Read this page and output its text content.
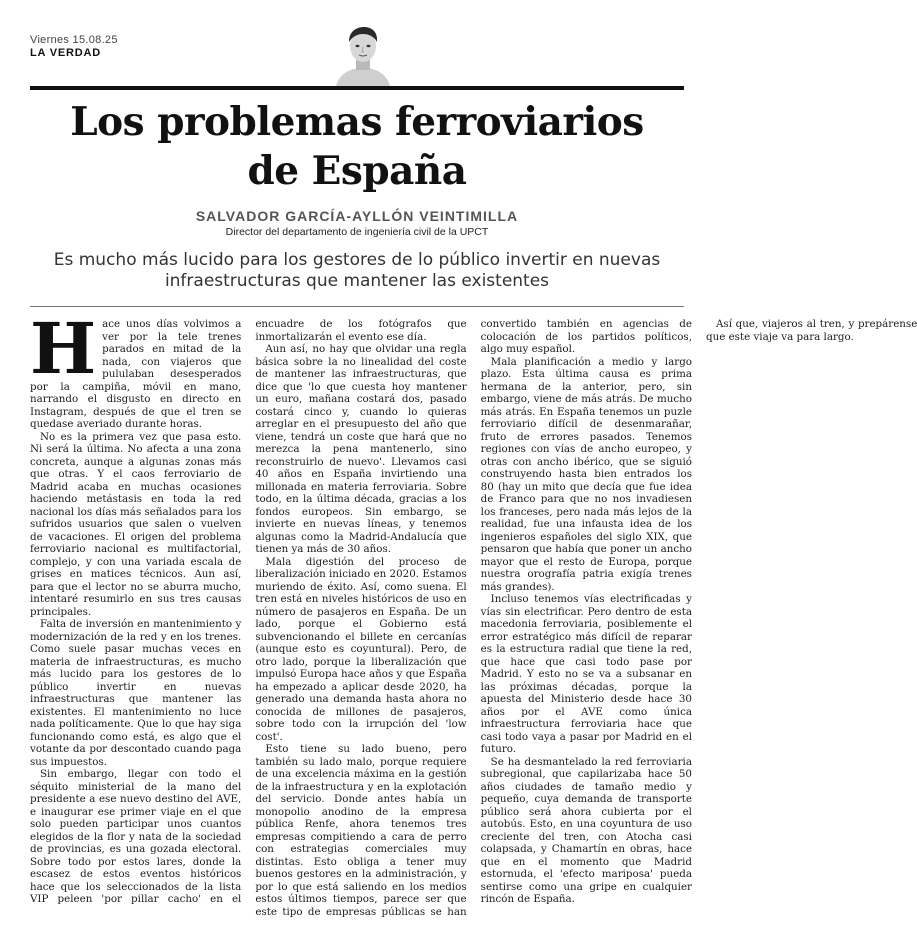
Viernes 15.08.25
LA VERDAD
Los problemas ferroviarios
de España
SALVADOR GARCÍA-AYLLÓN VEINTIMILLA
Director del departamento de ingeniería civil de la UPCT
Es mucho más lucido para los gestores de lo público invertir en nuevas infraestructuras que mantener las existentes

Hace unos días volvimos a ver por la tele trenes parados en mitad de la nada, con viajeros que pululaban desesperados por la campiña, móvil en mano, narrando el disgusto en directo en Instagram, después de que el tren se quedase averiado durante horas.

No es la primera vez que pasa esto. Ni será la última. No afecta a una zona concreta, aunque a algunas zonas más que otras. Y el caos ferroviario de Madrid acaba en muchas ocasiones haciendo metástasis en toda la red nacional los días más señalados para los sufridos usuarios que salen o vuelven de vacaciones. El origen del problema ferroviario nacional es multifactorial, complejo, y con una variada escala de grises en matices técnicos. Aun así, para que el lector no se aburra mucho, intentaré resumirlo en sus tres causas principales.

Falta de inversión en mantenimiento y modernización de la red y en los trenes. Como suele pasar muchas veces en materia de infraestructuras, es mucho más lucido para los gestores de lo público invertir en nuevas infraestructuras que mantener las existentes. El mantenimiento no luce nada políticamente. Que lo que hay siga funcionando como está, es algo que el votante da por descontado cuando paga sus impuestos.

Sin embargo, llegar con todo el séquito ministerial de la mano del presidente a ese nuevo destino del AVE, e inaugurar ese primer viaje en el que solo pueden participar unos cuantos elegidos de la flor y nata de la sociedad de provincias, es una gozada electoral. Sobre todo por estos lares, donde la escasez de estos eventos históricos hace que los seleccionados de la lista VIP peleen 'por pillar cacho' en el encuadre de los fotógrafos que inmortalizarán el evento ese día.

Aun así, no hay que olvidar una regla básica sobre la no linealidad del coste de mantener las infraestructuras, que dice que 'lo que cuesta hoy mantener un euro, mañana costará dos, pasado costará cinco y, cuando lo quieras arreglar en el presupuesto del año que viene, tendrá un coste que hará que no merezca la pena mantenerlo, sino reconstruirlo de nuevo'. Llevamos casi 40 años en España invirtiendo una millonada en materia ferroviaria. Sobre todo, en la última década, gracias a los fondos europeos. Sin embargo, se invierte en nuevas líneas, y tenemos algunas como la Madrid-Andalucía que tienen ya más de 30 años.

Mala digestión del proceso de liberalización iniciado en 2020. Estamos muriendo de éxito. Así, como suena. El tren está en niveles históricos de uso en número de pasajeros en España. De un lado, porque el Gobierno está subvencionando el billete en cercanías (aunque esto es coyuntural). Pero, de otro lado, porque la liberalización que impulsó Europa hace años y que España ha empezado a aplicar desde 2020, ha generado una demanda hasta ahora no conocida de millones de pasajeros, sobre todo con la irrupción del 'low cost'.

Esto tiene su lado bueno, pero también su lado malo, porque requiere de una excelencia máxima en la gestión de la infraestructura y en la explotación del servicio. Donde antes había un monopolio anodino de la empresa pública Renfe, ahora tenemos tres empresas compitiendo a cara de perro con estrategias comerciales muy distintas. Esto obliga a tener muy buenos gestores en la administración, y por lo que está saliendo en los medios estos últimos tiempos, parece ser que este tipo de empresas públicas se han convertido también en agencias de colocación de los partidos políticos, algo muy español.

Mala planificación a medio y largo plazo. Esta última causa es prima hermana de la anterior, pero, sin embargo, viene de más atrás. De mucho más atrás. En España tenemos un puzle ferroviario difícil de desenmarañar, fruto de errores pasados. Tenemos regiones con vías de ancho europeo, y otras con ancho ibérico, que se siguió construyendo hasta bien entrados los 80 (hay un mito que decía que fue idea de Franco para que no nos invadiesen los franceses, pero nada más lejos de la realidad, fue una infausta idea de los ingenieros españoles del siglo XIX, que pensaron que había que poner un ancho mayor que el resto de Europa, porque nuestra orografía patria exigía trenes más grandes).

Incluso tenemos vías electrificadas y vías sin electrificar. Pero dentro de esta macedonia ferroviaria, posiblemente el error estratégico más difícil de reparar es la estructura radial que tiene la red, que hace que casi todo pase por Madrid. Y esto no se va a subsanar en las próximas décadas, porque la apuesta del Ministerio desde hace 30 años por el AVE como única infraestructura ferroviaria hace que casi todo vaya a pasar por Madrid en el futuro.

Se ha desmantelado la red ferroviaria subregional, que capilarizaba hace 50 años ciudades de tamaño medio y pequeño, cuya demanda de transporte público será ahora cubierta por el autobús. Esto, en una coyuntura de uso creciente del tren, con Atocha casi colapsada, y Chamartín en obras, hace que en el momento que Madrid estornuda, el 'efecto mariposa' pueda sentirse como una gripe en cualquier rincón de España.

Así que, viajeros al tren, y prepárense que este viaje va para largo.
